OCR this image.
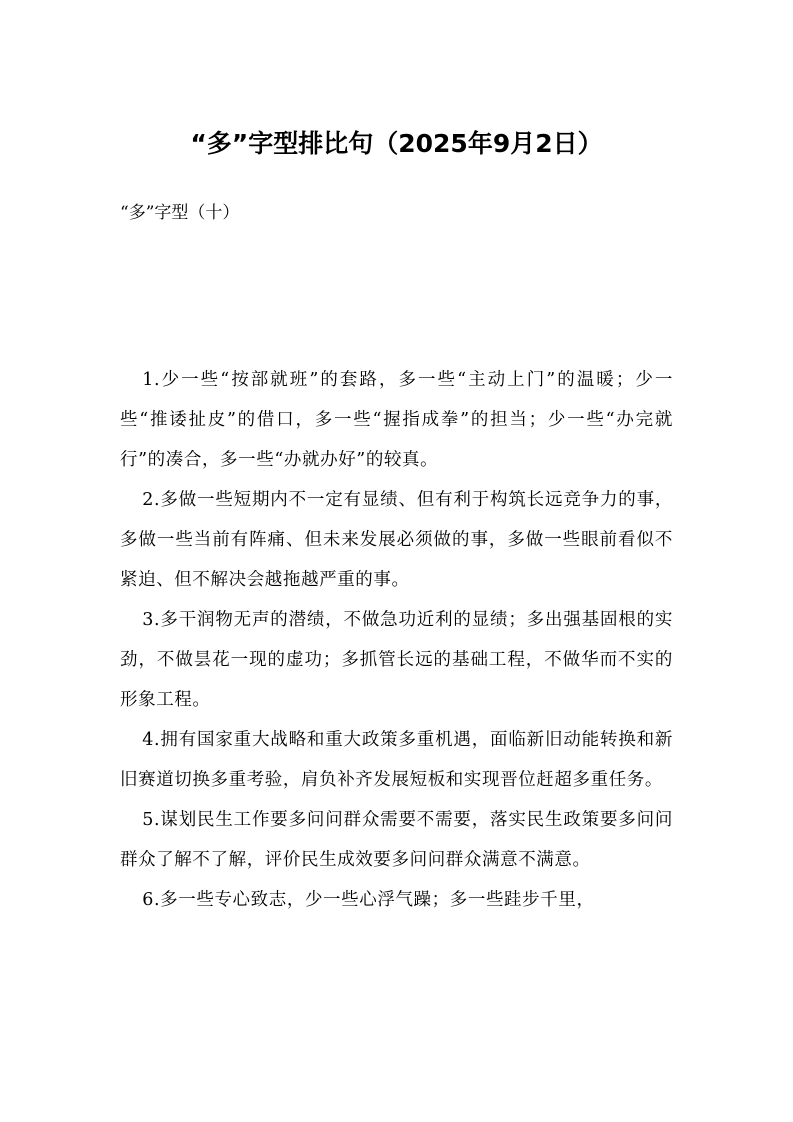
“多”字型排比句（2025年9月2日）

“多”字型（十）

1.少一些“按部就班”的套路，多一些“主动上门”的温暖；少一些“推诿扯皮”的借口，多一些“握指成拳”的担当；少一些“办完就行”的凑合，多一些“办就办好”的较真。

2.多做一些短期内不一定有显绩、但有利于构筑长远竞争力的事，多做一些当前有阵痛、但未来发展必须做的事，多做一些眼前看似不紧迫、但不解决会越拖越严重的事。

3.多干润物无声的潜绩，不做急功近利的显绩；多出强基固根的实劲，不做昙花一现的虚功；多抓管长远的基础工程，不做华而不实的形象工程。

4.拥有国家重大战略和重大政策多重机遇，面临新旧动能转换和新旧赛道切换多重考验，肩负补齐发展短板和实现晋位赶超多重任务。

5.谋划民生工作要多问问群众需要不需要，落实民生政策要多问问群众了解不了解，评价民生成效要多问问群众满意不满意。

6.多一些专心致志，少一些心浮气躁；多一些跬步千里，
